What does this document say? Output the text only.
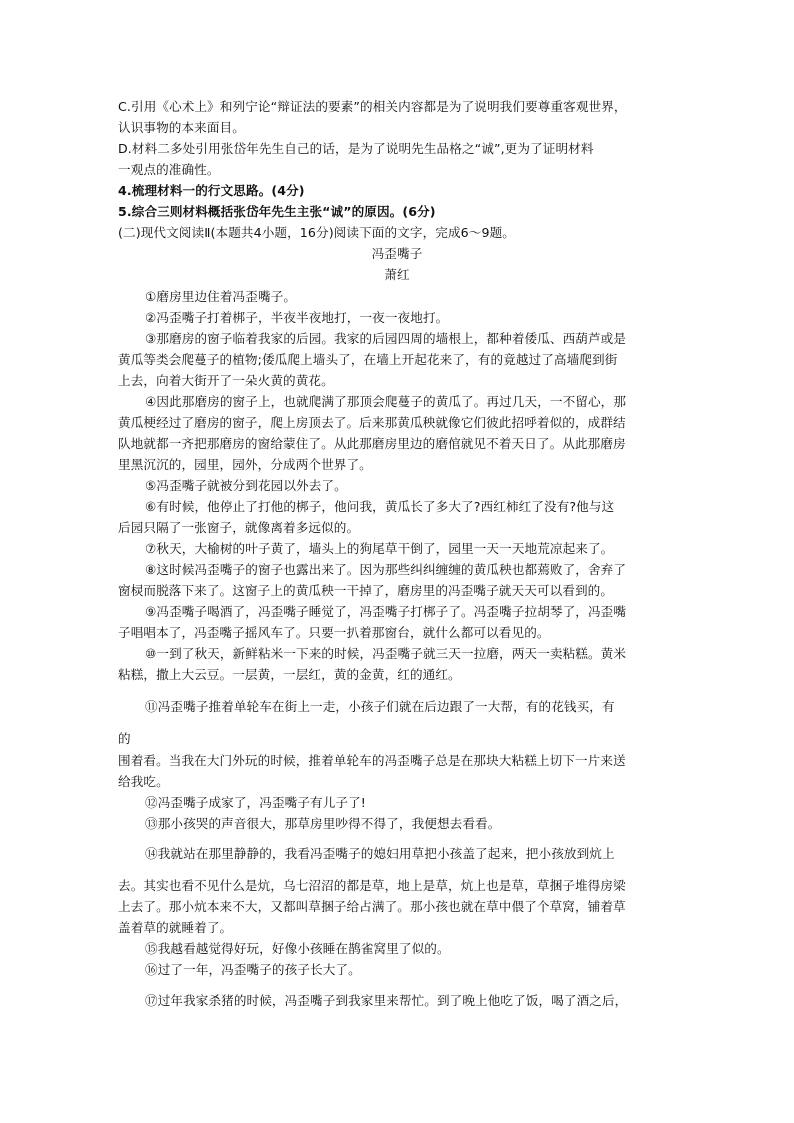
C.引用《心术上》和列宁论“辩证法的要素”的相关内容都是为了说明我们要尊重客观世界，
认识事物的本来面目。
D.材料二多处引用张岱年先生自己的话，是为了说明先生品格之“诚”,更为了证明材料
一观点的准确性。
4.梳理材料一的行文思路。(4分)
5.综合三则材料概括张岱年先生主张“诚”的原因。(6分)
(二)现代文阅读Ⅱ(本题共4小题，16分)阅读下面的文字，完成6～9题。
冯歪嘴子
萧红
①磨房里边住着冯歪嘴子。
②冯歪嘴子打着梆子，半夜半夜地打，一夜一夜地打。
③那磨房的窗子临着我家的后园。我家的后园四周的墙根上，都种着倭瓜、西葫芦或是
黄瓜等类会爬蔓子的植物;倭瓜爬上墙头了，在墙上开起花来了，有的竟越过了高墙爬到街
上去，向着大街开了一朵火黄的黄花。
④因此那磨房的窗子上，也就爬满了那顶会爬蔓子的黄瓜了。再过几天，一不留心，那
黄瓜梗经过了磨房的窗子，爬上房顶去了。后来那黄瓜秧就像它们彼此招呼着似的，成群结
队地就都一齐把那磨房的窗给蒙住了。从此那磨房里边的磨倌就见不着天日了。从此那磨房
里黑沉沉的，园里，园外，分成两个世界了。
⑤冯歪嘴子就被分到花园以外去了。
⑥有时候，他停止了打他的梆子，他问我，黄瓜长了多大了?西红柿红了没有?他与这
后园只隔了一张窗子，就像离着多远似的。
⑦秋天，大榆树的叶子黄了，墙头上的狗尾草干倒了，园里一天一天地荒凉起来了。
⑧这时候冯歪嘴子的窗子也露出来了。因为那些纠纠缠缠的黄瓜秧也都蔫败了，舍弃了
窗棂而脱落下来了。这窗子上的黄瓜秧一干掉了，磨房里的冯歪嘴子就天天可以看到的。
⑨冯歪嘴子喝酒了，冯歪嘴子睡觉了，冯歪嘴子打梆子了。冯歪嘴子拉胡琴了，冯歪嘴
子唱唱本了，冯歪嘴子摇风车了。只要一扒着那窗台，就什么都可以看见的。
⑩一到了秋天，新鲜粘米一下来的时候，冯歪嘴子就三天一拉磨，两天一卖粘糕。黄米
粘糕，撒上大云豆。一层黄，一层红，黄的金黄，红的通红。
⑪冯歪嘴子推着单轮车在街上一走，小孩子们就在后边跟了一大帮，有的花钱买，有
的
围着看。当我在大门外玩的时候，推着单轮车的冯歪嘴子总是在那块大粘糕上切下一片来送
给我吃。
⑫冯歪嘴子成家了，冯歪嘴子有儿子了!
⑬那小孩哭的声音很大，那草房里吵得不得了，我便想去看看。
⑭我就站在那里静静的，我看冯歪嘴子的媳妇用草把小孩盖了起来，把小孩放到炕上
去。其实也看不见什么是炕，乌七沼沼的都是草，地上是草，炕上也是草，草捆子堆得房梁
上去了。那小炕本来不大，又都叫草捆子给占满了。那小孩也就在草中偎了个草窝，铺着草
盖着草的就睡着了。
⑮我越看越觉得好玩，好像小孩睡在鹊雀窝里了似的。
⑯过了一年，冯歪嘴子的孩子长大了。
⑰过年我家杀猪的时候，冯歪嘴子到我家里来帮忙。到了晚上他吃了饭，喝了酒之后，
